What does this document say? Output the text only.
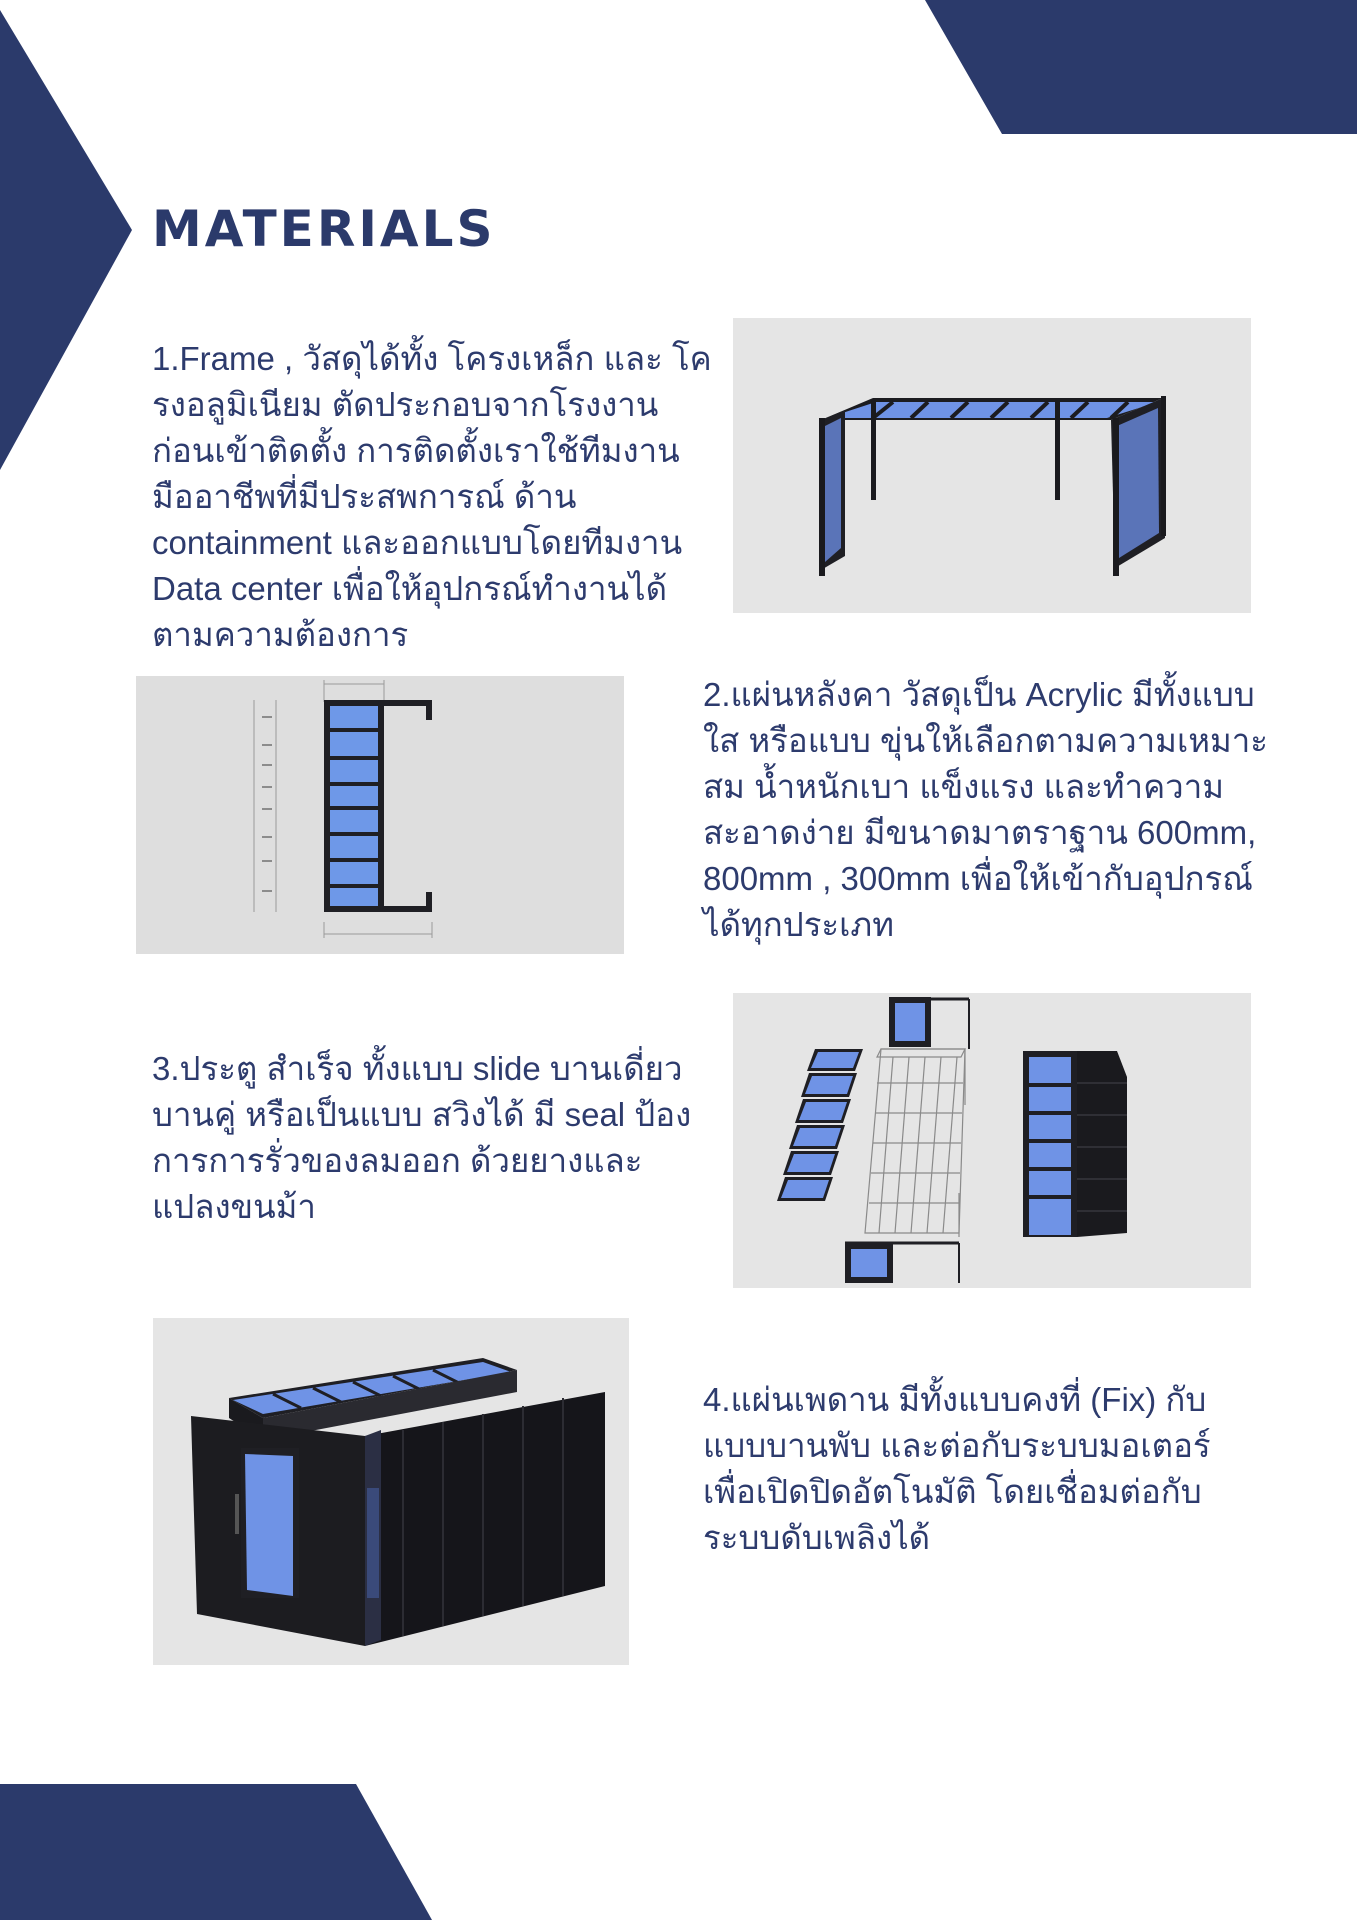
MATERIALS

1.Frame , วัสดุได้ทั้ง โครงเหล็ก และ โครงอลูมิเนียม ตัดประกอบจากโรงงานก่อนเข้าติดตั้ง การติดตั้งเราใช้ทีมงานมืออาชีพที่มีประสพการณ์ ด้าน containment และออกแบบโดยทีมงาน Data center เพื่อให้อุปกรณ์ทำงานได้ตามความต้องการ

2.แผ่นหลังคา วัสดุเป็น Acrylic มีทั้งแบบใส หรือแบบ ขุ่นให้เลือกตามความเหมาะสม น้ำหนักเบา แข็งแรง และทำความสะอาดง่าย มีขนาดมาตราฐาน 600mm, 800mm , 300mm เพื่อให้เข้ากับอุปกรณ์ ได้ทุกประเภท

3.ประตู สำเร็จ ทั้งแบบ slide บานเดี่ยว บานคู่ หรือเป็นแบบ สวิงได้ มี seal ป้องการการรั่วของลมออก ด้วยยางและแปลงขนม้า

4.แผ่นเพดาน มีทั้งแบบคงที่ (Fix) กับแบบบานพับ และต่อกับระบบมอเตอร์ เพื่อเปิดปิดอัตโนมัติ โดยเชื่อมต่อกับระบบดับเพลิงได้
